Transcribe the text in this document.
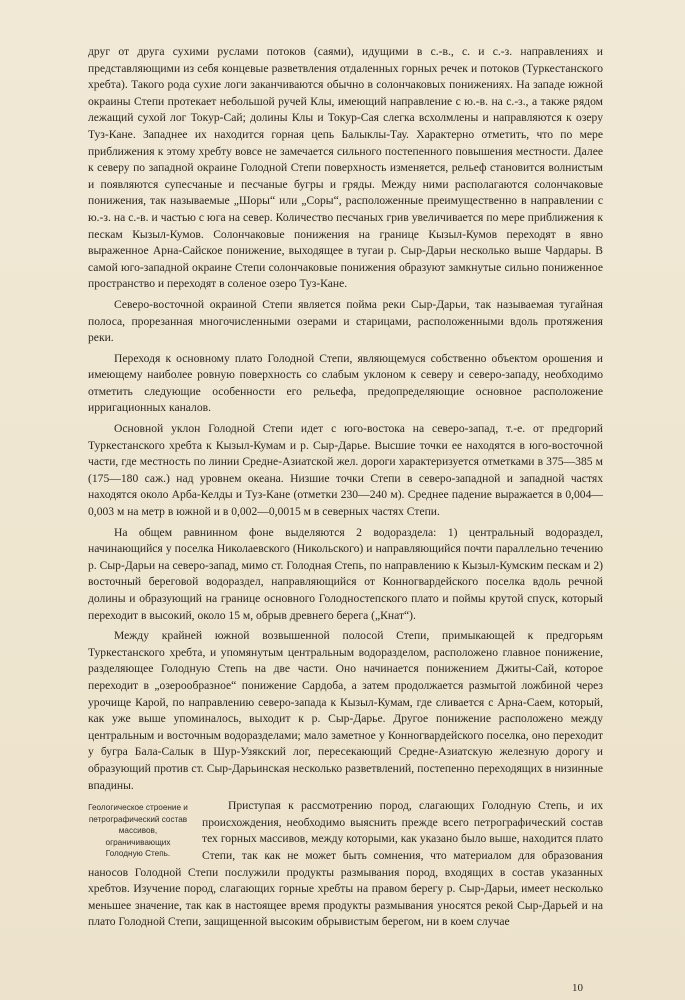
друг от друга сухими руслами потоков (саями), идущими в с.-в., с. и с.-з. направлениях и представляющими из себя концевые разветвления отдаленных горных речек и потоков (Туркестанского хребта). Такого рода сухие логи заканчиваются обычно в солончаковых понижениях. На западе южной окраины Степи протекает небольшой ручей Клы, имеющий направление с ю.-в. на с.-з., а также рядом лежащий сухой лог Токур-Сай; долины Клы и Токур-Сая слегка всхолмлены и направляются к озеру Туз-Кане. Западнее их находится горная цепь Балыклы-Тау. Характерно отметить, что по мере приближения к этому хребту вовсе не замечается сильного постепенного повышения местности. Далее к северу по западной окраине Голодной Степи поверхность изменяется, рельеф становится волнистым и появляются супесчаные и песчаные бугры и гряды. Между ними располагаются солончаковые понижения, так называемые „Шоры“ или „Соры“, расположенные преимущественно в направлении с ю.-з. на с.-в. и частью с юга на север. Количество песчаных грив увеличивается по мере приближения к пескам Кызыл-Кумов. Солончаковые понижения на границе Кызыл-Кумов переходят в явно выраженное Арна-Сайское понижение, выходящее в тугаи р. Сыр-Дарьи несколько выше Чардары. В самой юго-западной окраине Степи солончаковые понижения образуют замкнутые сильно пониженное пространство и переходят в соленое озеро Туз-Кане.

Северо-восточной окраиной Степи является пойма реки Сыр-Дарьи, так называемая тугайная полоса, прорезанная многочисленными озерами и старицами, расположенными вдоль протяжения реки.

Переходя к основному плато Голодной Степи, являющемуся собственно объектом орошения и имеющему наиболее ровную поверхность со слабым уклоном к северу и северо-западу, необходимо отметить следующие особенности его рельефа, предопределяющие основное расположение ирригационных каналов.

Основной уклон Голодной Степи идет с юго-востока на северо-запад, т.-е. от предгорий Туркестанского хребта к Кызыл-Кумам и р. Сыр-Дарье. Высшие точки ее находятся в юго-восточной части, где местность по линии Средне-Азиатской жел. дороги характеризуется отметками в 375—385 м (175—180 саж.) над уровнем океана. Низшие точки Степи в северо-западной и западной частях находятся около Арба-Келды и Туз-Кане (отметки 230—240 м). Среднее падение выражается в 0,004—0,003 м на метр в южной и в 0,002—0,0015 м в северных частях Степи.

На общем равнинном фоне выделяются 2 водораздела: 1) центральный водораздел, начинающийся у поселка Николаевского (Никольского) и направляющийся почти параллельно течению р. Сыр-Дарьи на северо-запад, мимо ст. Голодная Степь, по направлению к Кызыл-Кумским пескам и 2) восточный береговой водораздел, направляющийся от Конногвардейского поселка вдоль речной долины и образующий на границе основного Голодностепского плато и поймы крутой спуск, который переходит в высокий, около 15 м, обрыв древнего берега („Кнат“).

Между крайней южной возвышенной полосой Степи, примыкающей к предгорьям Туркестанского хребта, и упомянутым центральным водоразделом, расположено главное понижение, разделяющее Голодную Степь на две части. Оно начинается понижением Джиты-Сай, которое переходит в „озерообразное“ понижение Сардоба, а затем продолжается размытой ложбиной через урочище Карой, по направлению северо-запада к Кызыл-Кумам, где сливается с Арна-Саем, который, как уже выше упоминалось, выходит к р. Сыр-Дарье. Другое понижение расположено между центральным и восточным водоразделами; мало заметное у Конногвардейского поселка, оно переходит у бугра Бала-Салык в Шур-Узякский лог, пересекающий Средне-Азиатскую железную дорогу и образующий против ст. Сыр-Дарьинская несколько разветвлений, постепенно переходящих в низинные впадины.

Геологическое строение и петрографический состав массивов, ограничивающих Голодную Степь.

Приступая к рассмотрению пород, слагающих Голодную Степь, и их происхождения, необходимо выяснить прежде всего петрографический состав тех горных массивов, между которыми, как указано было выше, находится плато Степи, так как не может быть сомнения, что материалом для образования наносов Голодной Степи послужили продукты размывания пород, входящих в состав указанных хребтов. Изучение пород, слагающих горные хребты на правом берегу р. Сыр-Дарьи, имеет несколько меньшее значение, так как в настоящее время продукты размывания уносятся рекой Сыр-Дарьей и на плато Голодной Степи, защищенной высоким обрывистым берегом, ни в коем случае

10
